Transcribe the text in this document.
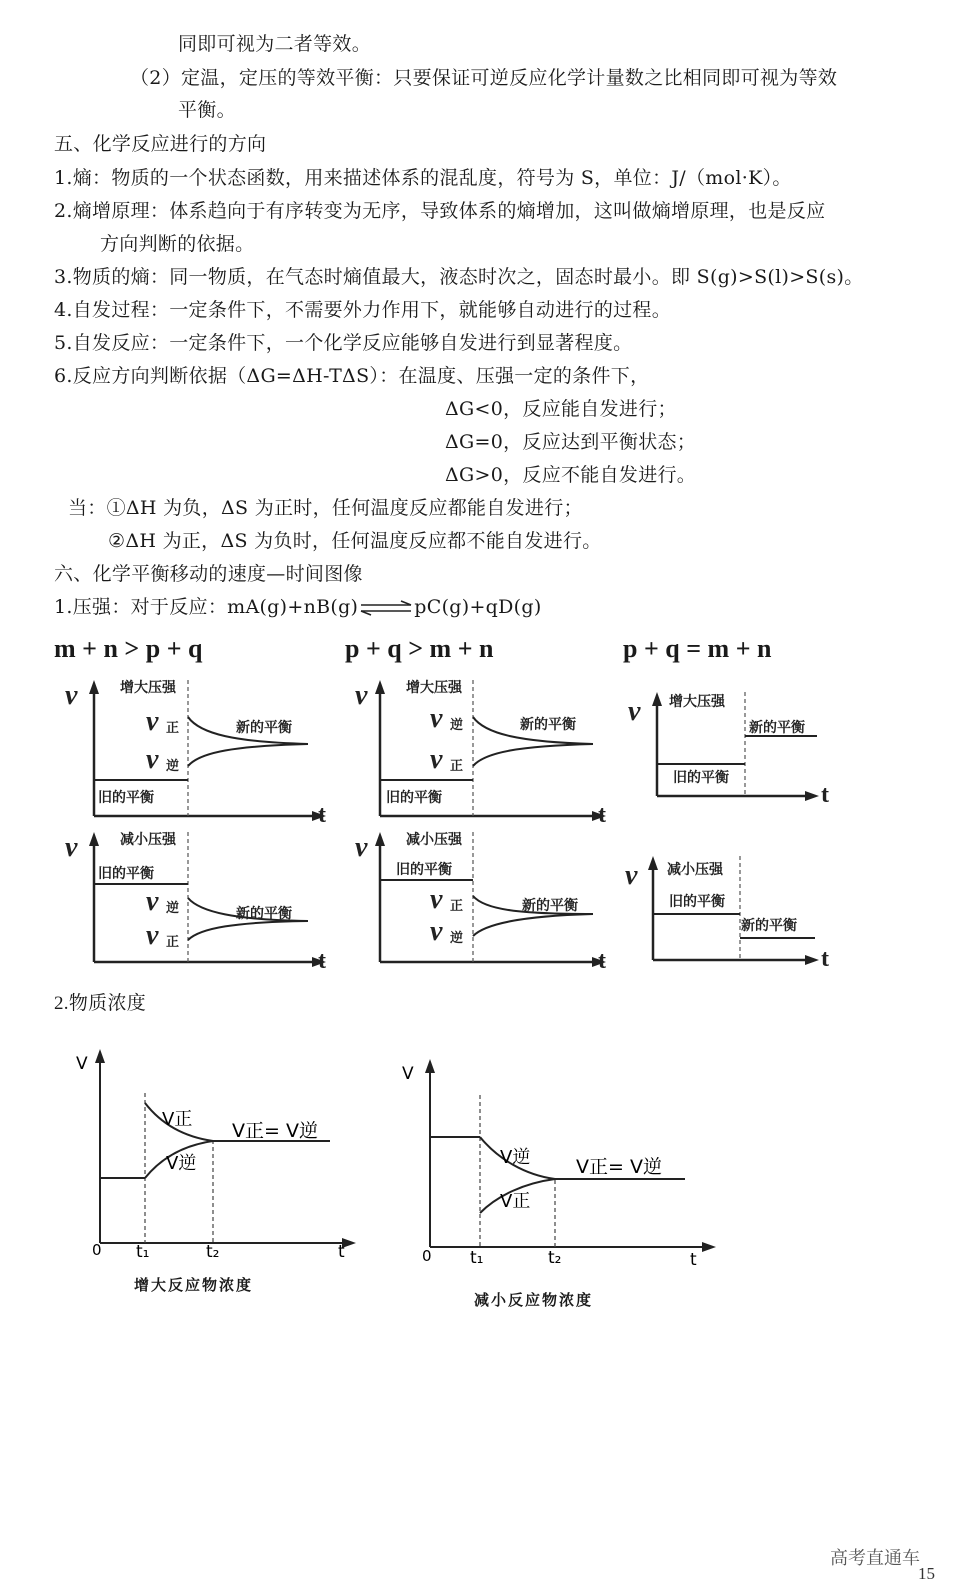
同即可视为二者等效。
（2）定温，定压的等效平衡：只要保证可逆反应化学计量数之比相同即可视为等效
平衡。
五、化学反应进行的方向
1.熵：物质的一个状态函数，用来描述体系的混乱度，符号为 S，单位：J/（mol·K）。
2.熵增原理：体系趋向于有序转变为无序，导致体系的熵增加，这叫做熵增原理，也是反应
方向判断的依据。
3.物质的熵：同一物质，在气态时熵值最大，液态时次之，固态时最小。即 S(g)>S(l)>S(s)。
4.自发过程：一定条件下，不需要外力作用下，就能够自动进行的过程。
5.自发反应：一定条件下，一个化学反应能够自发进行到显著程度。
6.反应方向判断依据（ΔG=ΔH-TΔS）：在温度、压强一定的条件下，
ΔG<0，反应能自发进行；
ΔG=0，反应达到平衡状态；
ΔG>0，反应不能自发进行。
当：①ΔH 为负，ΔS 为正时，任何温度反应都能自发进行；
②ΔH 为正，ΔS 为负时，任何温度反应都不能自发进行。
六、化学平衡移动的速度—时间图像
1.压强：对于反应：mA(g)+nB(g)⇌pC(g)+qD(g)
m + n > p + q	p + q > m + n	p + q = m + n
v
t
增大压强
旧的平衡
新的平衡
v 正
v 逆
v
t
增大压强
旧的平衡
新的平衡
v 逆
v 正
v
t
增大压强
旧的平衡
新的平衡
v
t
减小压强
旧的平衡
新的平衡
v 逆
v 正
v
t
减小压强
旧的平衡
新的平衡
v 正
v 逆
v
t
减小压强
旧的平衡
新的平衡
2.物质浓度
V
V正
V逆
V正= V逆
0 t₁	t₂	t
增大反应物浓度
V
V逆
V正
V正= V逆
0 t₁	t₂	t
减小反应物浓度
高考直通车
15
